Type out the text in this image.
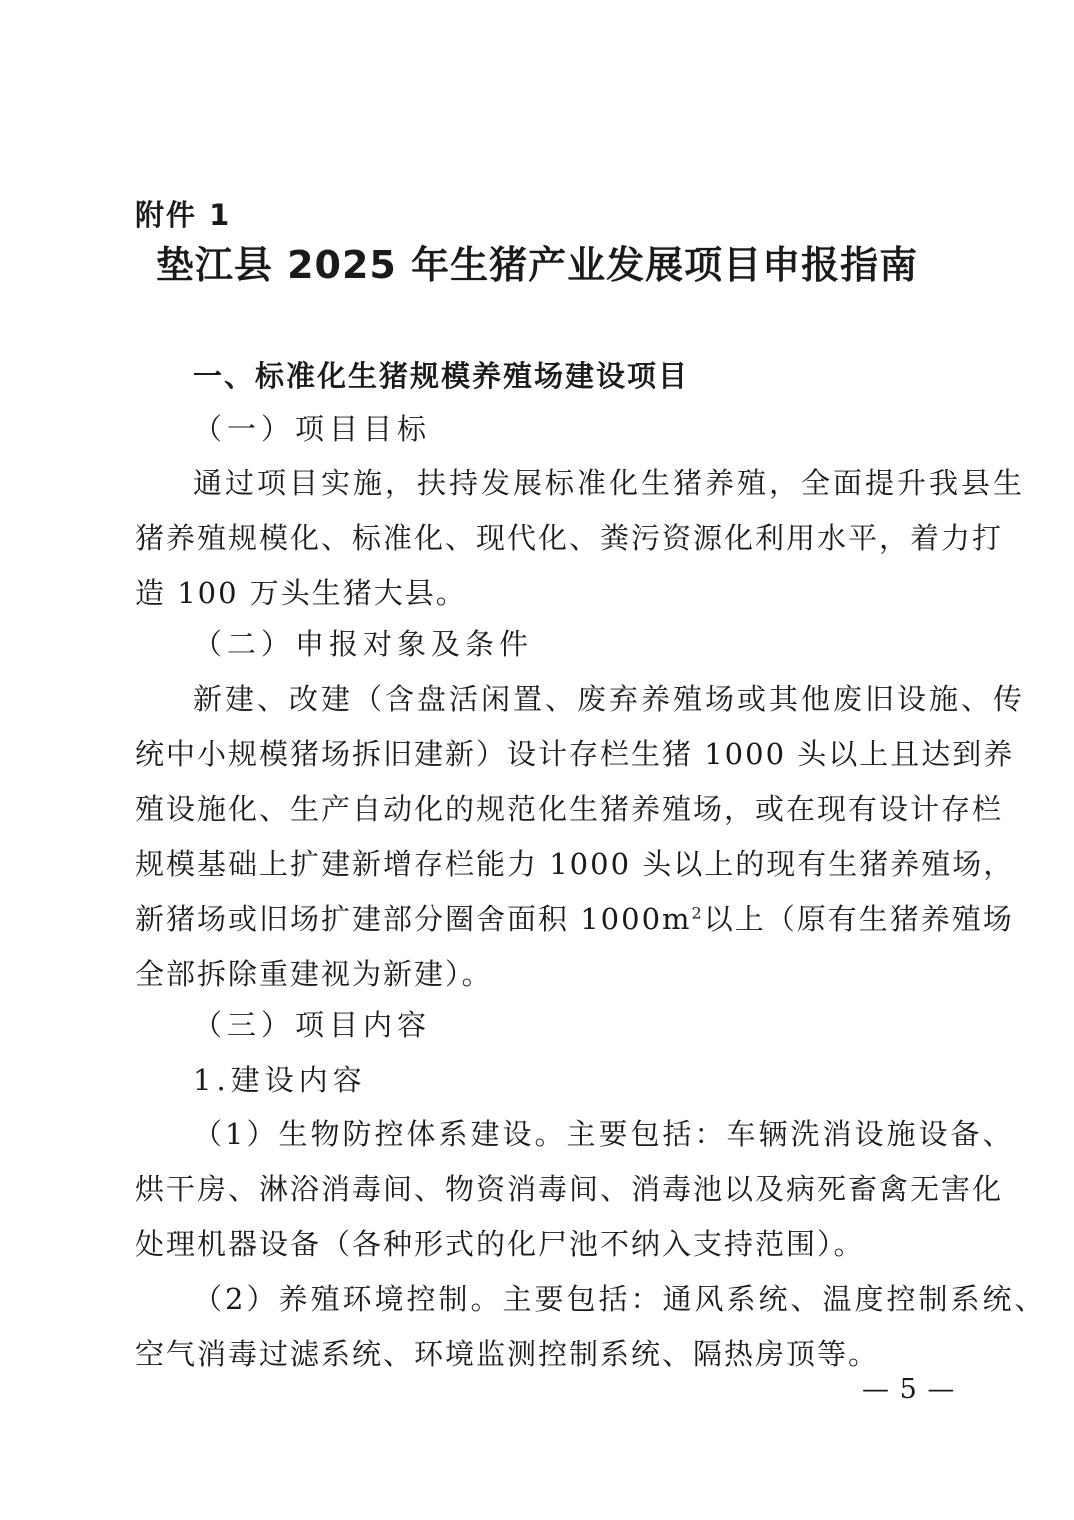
附件 1
垫江县 2025 年生猪产业发展项目申报指南
一、标准化生猪规模养殖场建设项目
（一）项目目标
通过项目实施，扶持发展标准化生猪养殖，全面提升我县生
猪养殖规模化、标准化、现代化、粪污资源化利用水平，着力打
造 100 万头生猪大县。
（二）申报对象及条件
新建、改建（含盘活闲置、废弃养殖场或其他废旧设施、传
统中小规模猪场拆旧建新）设计存栏生猪 1000 头以上且达到养
殖设施化、生产自动化的规范化生猪养殖场，或在现有设计存栏
规模基础上扩建新增存栏能力 1000 头以上的现有生猪养殖场，
新猪场或旧场扩建部分圈舍面积 $1000m^2$ 以上（原有生猪养殖场
全部拆除重建视为新建）。
（三）项目内容
1.建设内容
（1）生物防控体系建设。主要包括：车辆洗消设施设备、
烘干房、淋浴消毒间、物资消毒间、消毒池以及病死畜禽无害化
处理机器设备（各种形式的化尸池不纳入支持范围）。
（2）养殖环境控制。主要包括：通风系统、温度控制系统、
空气消毒过滤系统、环境监测控制系统、隔热房顶等。
— 5 —
